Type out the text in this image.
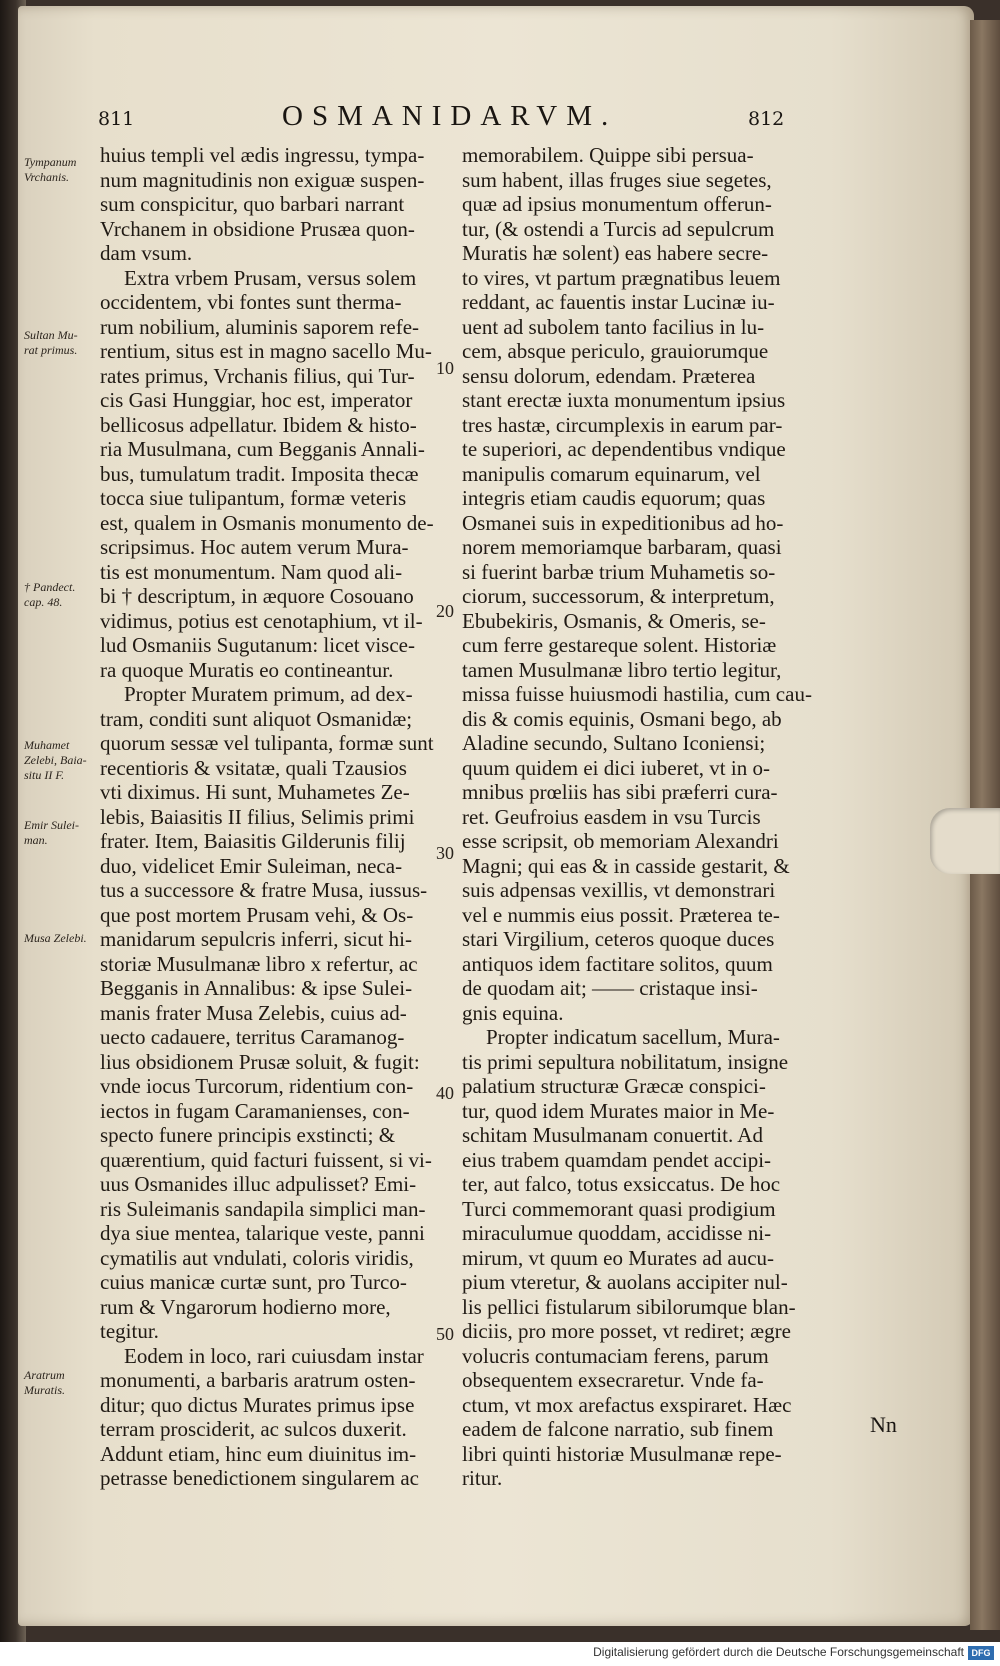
811	OSMANIDARVM.	812
Tympanum
Vrchanis.
Sultan Mu-
rat primus.
† Pandect.
cap. 48.
Muhamet
Zelebi, Baia-
situ II F.
Emir Sulei-
man.
Musa Zelebi.
Aratrum
Muratis.
10
20
30
40
50
huius templi vel ædis ingressu, tympa-
num magnitudinis non exiguæ suspen-
sum conspicitur, quo barbari narrant
Vrchanem in obsidione Prusæa quon-
dam vsum.
Extra vrbem Prusam, versus solem
occidentem, vbi fontes sunt therma-
rum nobilium, aluminis saporem refe-
rentium, situs est in magno sacello Mu-
rates primus, Vrchanis filius, qui Tur-
cis Gasi Hunggiar, hoc est, imperator
bellicosus adpellatur. Ibidem & histo-
ria Musulmana, cum Begganis Annali-
bus, tumulatum tradit. Imposita thecæ
tocca siue tulipantum, formæ veteris
est, qualem in Osmanis monumento de-
scripsimus. Hoc autem verum Mura-
tis est monumentum. Nam quod ali-
bi † descriptum, in æquore Cosouano
vidimus, potius est cenotaphium, vt il-
lud Osmaniis Sugutanum: licet visce-
ra quoque Muratis eo contineantur.
Propter Muratem primum, ad dex-
tram, conditi sunt aliquot Osmanidæ;
quorum sessæ vel tulipanta, formæ sunt
recentioris & vsitatæ, quali Tzausios
vti diximus. Hi sunt, Muhametes Ze-
lebis, Baiasitis II filius, Selimis primi
frater. Item, Baiasitis Gilderunis filij
duo, videlicet Emir Suleiman, neca-
tus a successore & fratre Musa, iussus-
que post mortem Prusam vehi, & Os-
manidarum sepulcris inferri, sicut hi-
storiæ Musulmanæ libro x refertur, ac
Begganis in Annalibus: & ipse Sulei-
manis frater Musa Zelebis, cuius ad-
uecto cadauere, territus Caramanog-
lius obsidionem Prusæ soluit, & fugit:
vnde iocus Turcorum, ridentium con-
iectos in fugam Caramanienses, con-
specto funere principis exstincti; &
quærentium, quid facturi fuissent, si vi-
uus Osmanides illuc adpulisset? Emi-
ris Suleimanis sandapila simplici man-
dya siue mentea, talarique veste, panni
cymatilis aut vndulati, coloris viridis,
cuius manicæ curtæ sunt, pro Turco-
rum & Vngarorum hodierno more,
tegitur.
Eodem in loco, rari cuiusdam instar
monumenti, a barbaris aratrum osten-
ditur; quo dictus Murates primus ipse
terram prosciderit, ac sulcos duxerit.
Addunt etiam, hinc eum diuinitus im-
petrasse benedictionem singularem ac
memorabilem. Quippe sibi persua-
sum habent, illas fruges siue segetes,
quæ ad ipsius monumentum offerun-
tur, (& ostendi a Turcis ad sepulcrum
Muratis hæ solent) eas habere secre-
to vires, vt partum prægnatibus leuem
reddant, ac fauentis instar Lucinæ iu-
uent ad subolem tanto facilius in lu-
cem, absque periculo, grauiorumque
sensu dolorum, edendam. Præterea
stant erectæ iuxta monumentum ipsius
tres hastæ, circumplexis in earum par-
te superiori, ac dependentibus vndique
manipulis comarum equinarum, vel
integris etiam caudis equorum; quas
Osmanei suis in expeditionibus ad ho-
norem memoriamque barbaram, quasi
si fuerint barbæ trium Muhametis so-
ciorum, successorum, & interpretum,
Ebubekiris, Osmanis, & Omeris, se-
cum ferre gestareque solent. Historiæ
tamen Musulmanæ libro tertio legitur,
missa fuisse huiusmodi hastilia, cum cau-
dis & comis equinis, Osmani bego, ab
Aladine secundo, Sultano Iconiensi;
quum quidem ei dici iuberet, vt in o-
mnibus prœliis has sibi præferri cura-
ret. Geufroius easdem in vsu Turcis
esse scripsit, ob memoriam Alexandri
Magni; qui eas & in casside gestarit, &
suis adpensas vexillis, vt demonstrari
vel e nummis eius possit. Præterea te-
stari Virgilium, ceteros quoque duces
antiquos idem factitare solitos, quum
de quodam ait; —— cristaque insi-
gnis equina.
Propter indicatum sacellum, Mura-
tis primi sepultura nobilitatum, insigne
palatium structuræ Græcæ conspici-
tur, quod idem Murates maior in Me-
schitam Musulmanam conuertit. Ad
eius trabem quamdam pendet accipi-
ter, aut falco, totus exsiccatus. De hoc
Turci commemorant quasi prodigium
miraculumue quoddam, accidisse ni-
mirum, vt quum eo Murates ad aucu-
pium vteretur, & auolans accipiter nul-
lis pellici fistularum sibilorumque blan-
diciis, pro more posset, vt rediret; ægre
volucris contumaciam ferens, parum
obsequentem exsecraretur. Vnde fa-
ctum, vt mox arefactus exspiraret. Hæc
eadem de falcone narratio, sub finem
libri quinti historiæ Musulmanæ repe-
ritur.
Nn
Digitalisierung gefördert durch die Deutsche Forschungsgemeinschaft DFG
